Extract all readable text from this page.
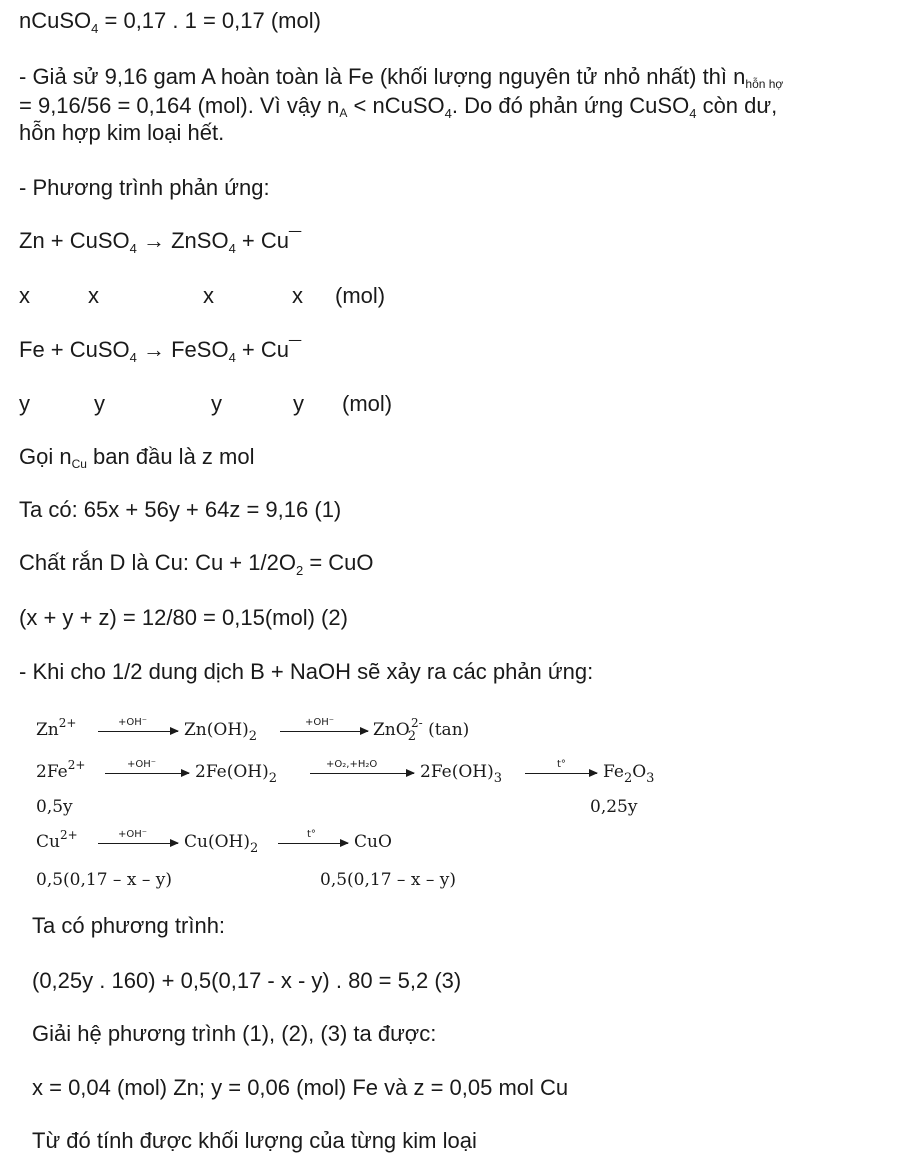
nCuSO$_4$ = 0,17 . 1 = 0,17 (mol)
- Giả sử 9,16 gam A hoàn toàn là Fe (khối lượng nguyên tử nhỏ nhất) thì nhỗn hợ
= 9,16/56 = 0,164 (mol). Vì vậy nA < nCuSO$_4$. Do đó phản ứng CuSO$_4$ còn dư,
hỗn hợp kim loại hết.
- Phương trình phản ứng:
Zn + CuSO$_4$ → ZnSO$_4$ + Cu¯
x	x	x	x (mol)
Fe + CuSO$_4$ → FeSO$_4$ + Cu¯
y	y	y	y (mol)
Gọi nCu ban đầu là z mol
Ta có: 65x + 56y + 64z = 9,16 (1)
Chất rắn D là Cu: $Cu + 1/2O_2$ = CuO
(x + y + z) = 12/80 = 0,15(mol) (2)
- Khi cho 1/2 dung dịch B + NaOH sẽ xảy ra các phản ứng:
$Zn^{2+}$	+OH⁻ $Zn(OH)_2$
+OH⁻ ZnO$_2^{2-}$ (tan)
$2Fe^{2+}$	+OH⁻ $2Fe(OH)_2$
+O₂,+H₂O	$2Fe(OH)_3$
t° $Fe_2O_3$
0,5y	0,25y
$Cu^{2+}$	+OH⁻ $Cu(OH)_2$
t° CuO
0,5(0,17 – x – y)	0,5(0,17 – x – y)
Ta có phương trình:
(0,25y . 160) + 0,5(0,17 - x - y) . 80 = 5,2 (3)
Giải hệ phương trình (1), (2), (3) ta được:
x = 0,04 (mol) Zn; y = 0,06 (mol) Fe và z = 0,05 mol Cu
Từ đó tính được khối lượng của từng kim loại
